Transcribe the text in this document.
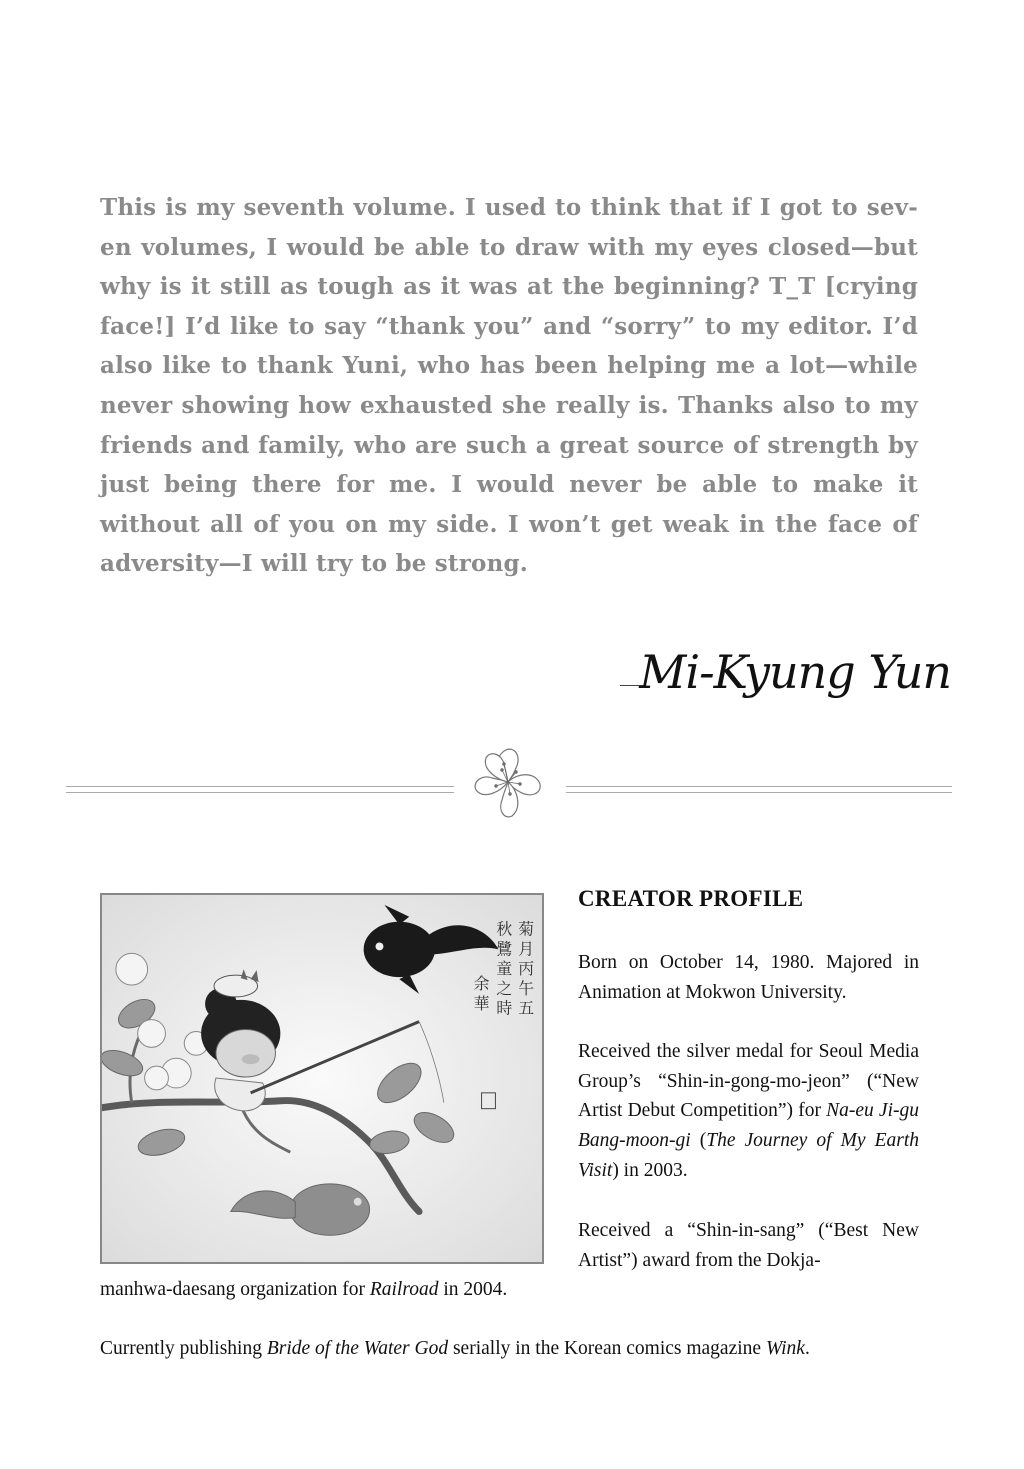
This is my seventh volume. I used to think that if I got to sev-en volumes, I would be able to draw with my eyes closed—but why is it still as tough as it was at the beginning? T_T [crying face!] I’d like to say “thank you” and “sorry” to my editor. I’d also like to thank Yuni, who has been helping me a lot—while never showing how exhausted she really is. Thanks also to my friends and family, who are such a great source of strength by just being there for me. I would never be able to make it without all of you on my side. I won’t get weak in the face of adversity—I will try to be strong.
Mi-Kyung Yun
菊
月
丙
午
五
秋
鷺
童
之
時
余
華
CREATOR PROFILE
Born on October 14, 1980. Majored in Animation at Mokwon University.
Received the silver medal for Seoul Media Group’s “Shin-in-gong-mo-jeon” (“New Artist Debut Competition”) for Na-eu Ji-gu Bang-moon-gi (The Journey of My Earth Visit) in 2003.
Received a “Shin-in-sang” (“Best New Artist”) award from the Dokja-
manhwa-daesang organization for Railroad in 2004.
Currently publishing Bride of the Water God serially in the Korean comics magazine Wink.
